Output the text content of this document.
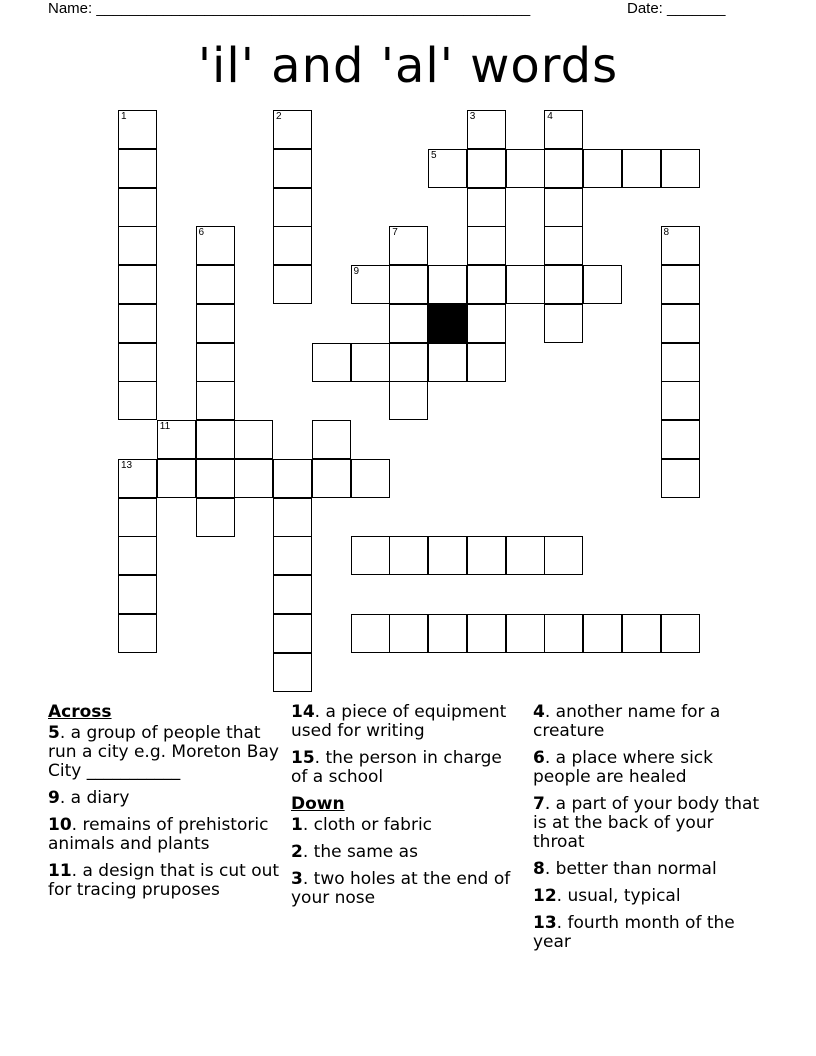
Name: ____________________________________________________	Date: _______
'il' and 'al' words
1	2	3	4
5
6	7	8
9
11
13
Across
5. a group of people that run a city e.g. Moreton Bay City ___________
9. a diary
10. remains of prehistoric animals and plants
11. a design that is cut out for tracing pruposes
14. a piece of equipment used for writing
15. the person in charge of a school
Down
1. cloth or fabric
2. the same as
3. two holes at the end of your nose
4. another name for a creature
6. a place where sick people are healed
7. a part of your body that is at the back of your throat
8. better than normal
12. usual, typical
13. fourth month of the year
